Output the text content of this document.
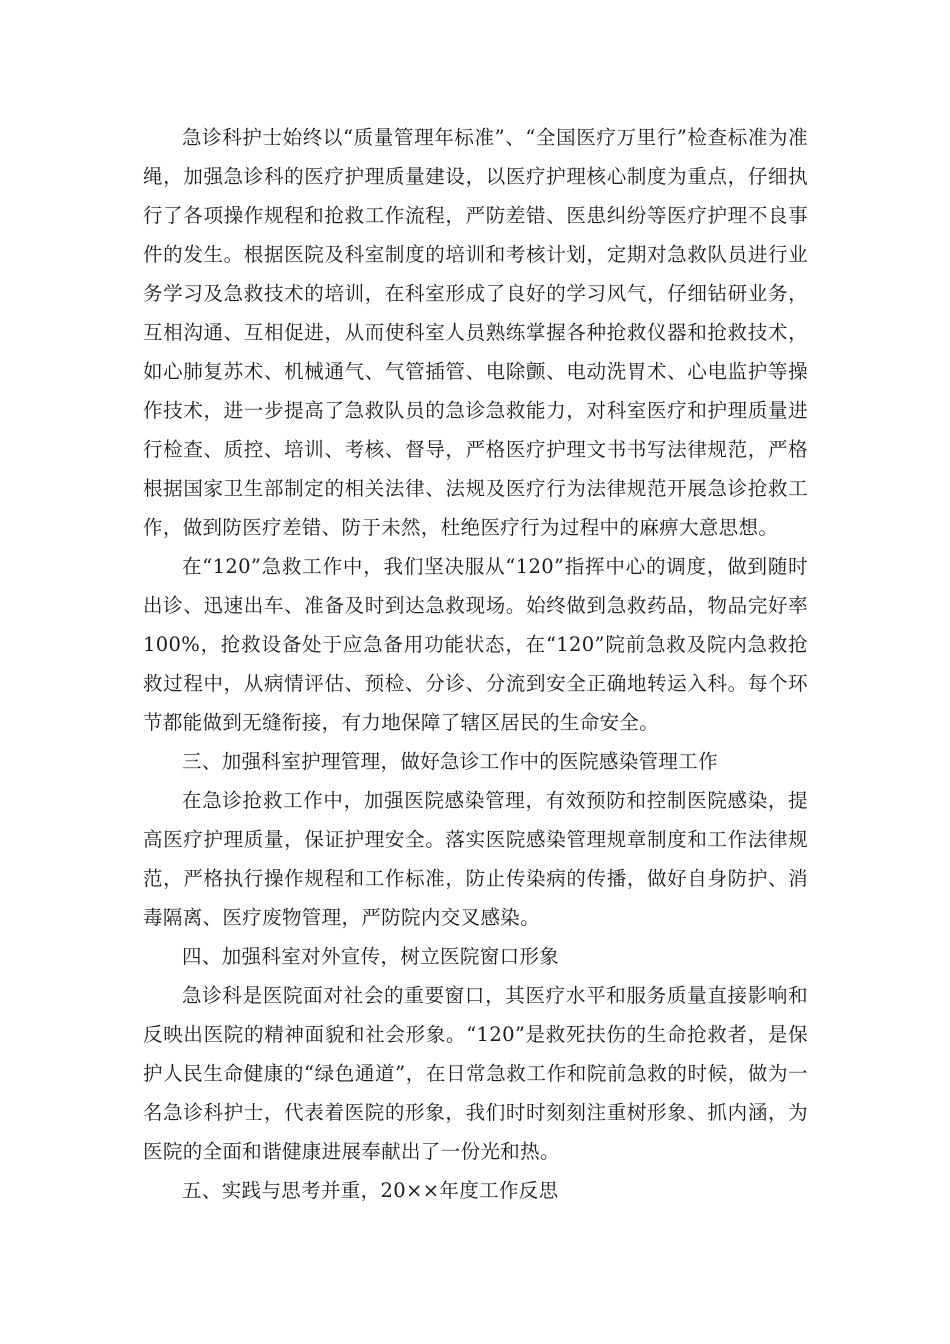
急诊科护士始终以“质量管理年标准”、“全国医疗万里行”检查标准为准绳，加强急诊科的医疗护理质量建设，以医疗护理核心制度为重点，仔细执行了各项操作规程和抢救工作流程，严防差错、医患纠纷等医疗护理不良事件的发生。根据医院及科室制度的培训和考核计划，定期对急救队员进行业务学习及急救技术的培训，在科室形成了良好的学习风气，仔细钻研业务，互相沟通、互相促进，从而使科室人员熟练掌握各种抢救仪器和抢救技术，如心肺复苏术、机械通气、气管插管、电除颤、电动洗胃术、心电监护等操作技术，进一步提高了急救队员的急诊急救能力，对科室医疗和护理质量进行检查、质控、培训、考核、督导，严格医疗护理文书书写法律规范，严格根据国家卫生部制定的相关法律、法规及医疗行为法律规范开展急诊抢救工作，做到防医疗差错、防于未然，杜绝医疗行为过程中的麻痹大意思想。

在“120”急救工作中，我们坚决服从“120”指挥中心的调度，做到随时出诊、迅速出车、准备及时到达急救现场。始终做到急救药品，物品完好率100%，抢救设备处于应急备用功能状态，在“120”院前急救及院内急救抢救过程中，从病情评估、预检、分诊、分流到安全正确地转运入科。每个环节都能做到无缝衔接，有力地保障了辖区居民的生命安全。

三、加强科室护理管理，做好急诊工作中的医院感染管理工作

在急诊抢救工作中，加强医院感染管理，有效预防和控制医院感染，提高医疗护理质量，保证护理安全。落实医院感染管理规章制度和工作法律规范，严格执行操作规程和工作标准，防止传染病的传播，做好自身防护、消毒隔离、医疗废物管理，严防院内交叉感染。

四、加强科室对外宣传，树立医院窗口形象

急诊科是医院面对社会的重要窗口，其医疗水平和服务质量直接影响和反映出医院的精神面貌和社会形象。“120”是救死扶伤的生命抢救者，是保护人民生命健康的“绿色通道”，在日常急救工作和院前急救的时候，做为一名急诊科护士，代表着医院的形象，我们时时刻刻注重树形象、抓内涵，为医院的全面和谐健康进展奉献出了一份光和热。

五、实践与思考并重，20××年度工作反思
